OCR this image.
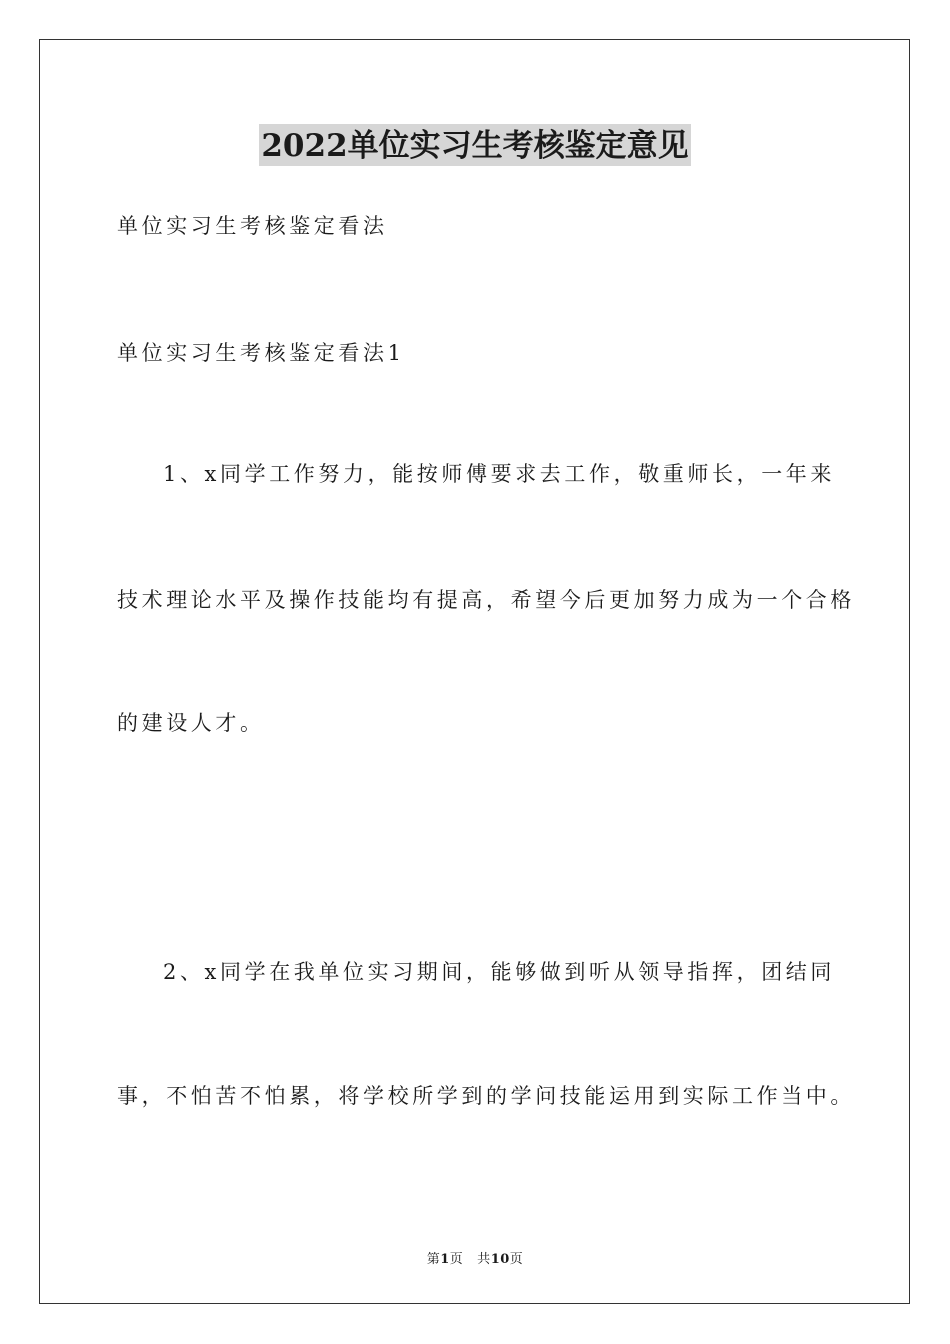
2022单位实习生考核鉴定意见
单位实习生考核鉴定看法
单位实习生考核鉴定看法1
1、x同学工作努力，能按师傅要求去工作，敬重师长，一年来
技术理论水平及操作技能均有提高，希望今后更加努力成为一个合格
的建设人才。
2、x同学在我单位实习期间，能够做到听从领导指挥，团结同
事，不怕苦不怕累，将学校所学到的学问技能运用到实际工作当中。
第1页 共10页
